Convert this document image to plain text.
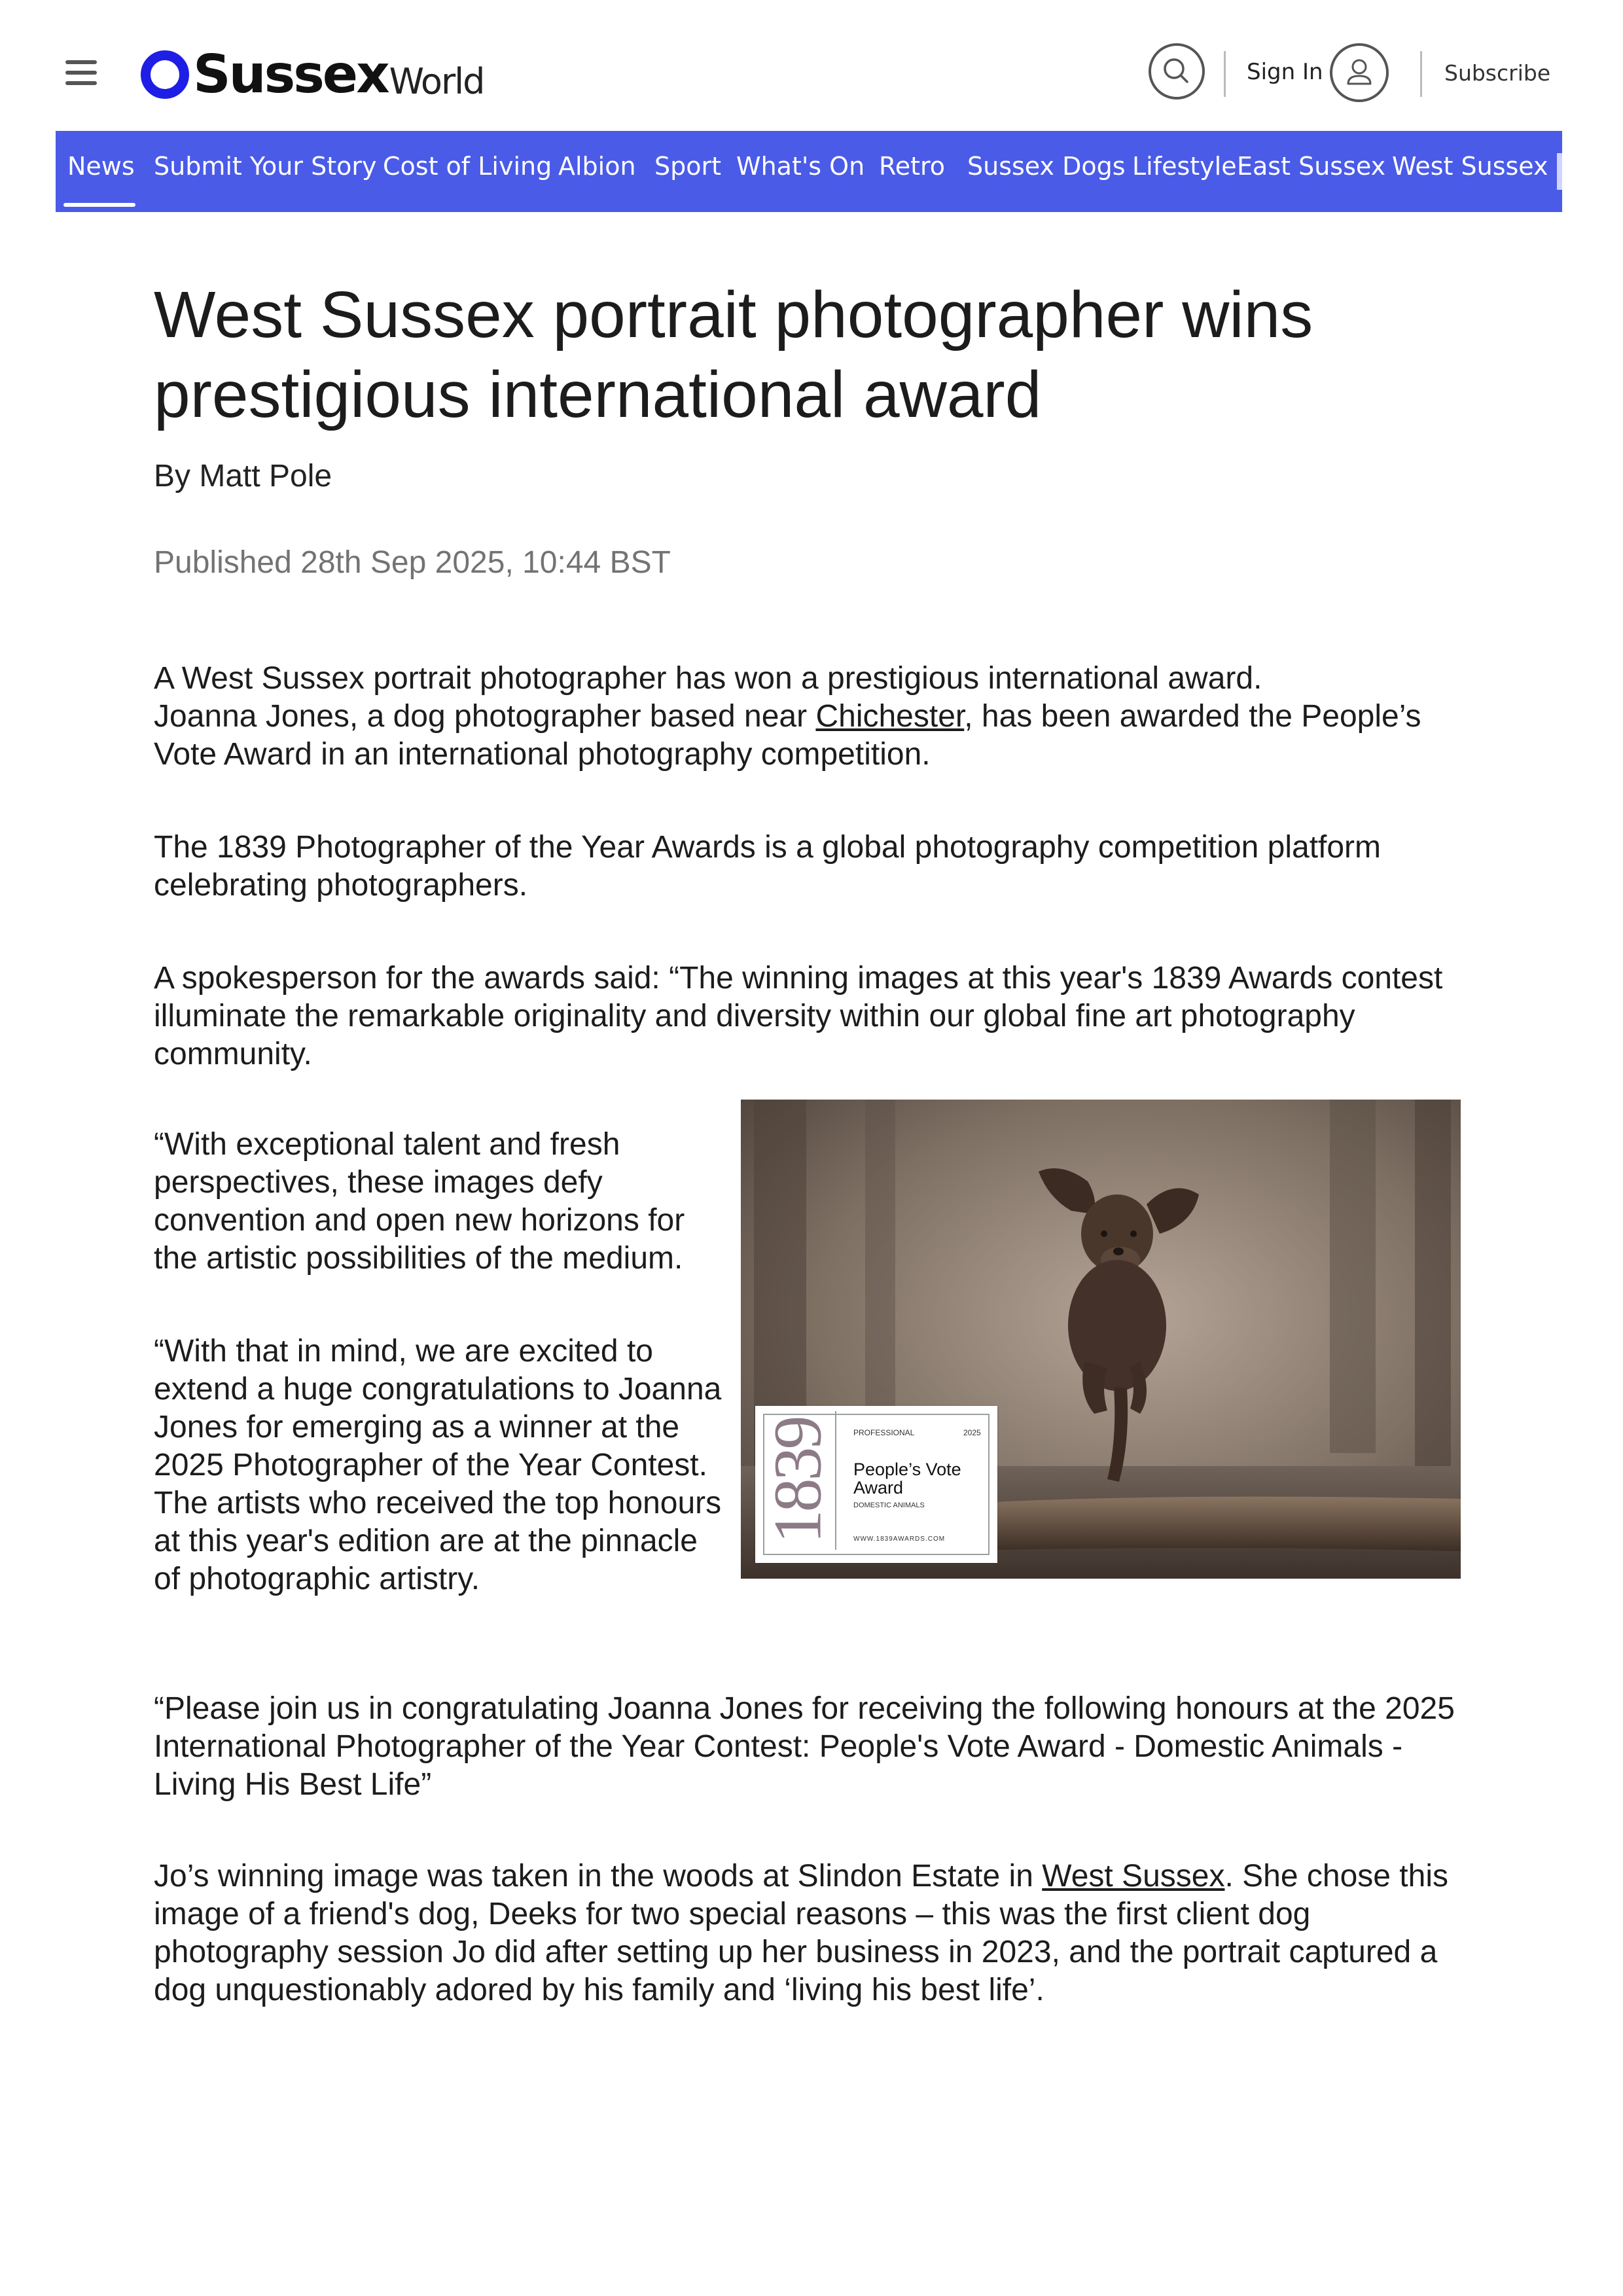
Sussex World	Sign In	Subscribe
News Submit Your Story Cost of Living Albion Sport What's On Retro Sussex Dogs Lifestyle East Sussex West Sussex
West Sussex portrait photographer wins prestigious international award
By Matt Pole
Published 28th Sep 2025, 10:44 BST

A West Sussex portrait photographer has won a prestigious international award.
Joanna Jones, a dog photographer based near Chichester, has been awarded the People’s Vote Award in an international photography competition.

The 1839 Photographer of the Year Awards is a global photography competition platform celebrating photographers.

A spokesperson for the awards said: “The winning images at this year's 1839 Awards contest illuminate the remarkable originality and diversity within our global fine art photography community.

“With exceptional talent and fresh perspectives, these images defy convention and open new horizons for the artistic possibilities of the medium.

“With that in mind, we are excited to extend a huge congratulations to Joanna Jones for emerging as a winner at the 2025 Photographer of the Year Contest. The artists who received the top honours at this year's edition are at the pinnacle of photographic artistry.

“Please join us in congratulating Joanna Jones for receiving the following honours at the 2025 International Photographer of the Year Contest: People's Vote Award - Domestic Animals - Living His Best Life”

Jo’s winning image was taken in the woods at Slindon Estate in West Sussex. She chose this image of a friend's dog, Deeks for two special reasons – this was the first client dog photography session Jo did after setting up her business in 2023, and the portrait captured a dog unquestionably adored by his family and ‘living his best life’.

1839 PROFESSIONAL	2025
People’s Vote
Award
DOMESTIC ANIMALS
WWW.1839AWARDS.COM
